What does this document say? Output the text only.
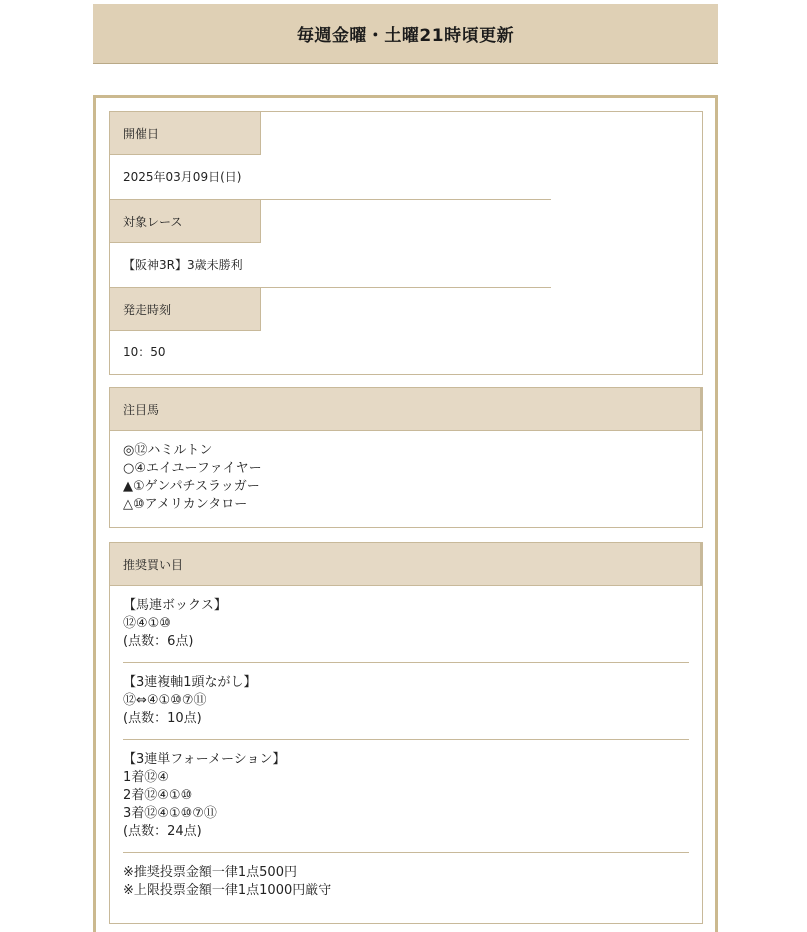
毎週金曜・土曜21時頃更新
開催日
2025年03月09日(日)
対象レース
【阪神3R】3歳未勝利
発走時刻
10：50
注目馬
◎⑫ハミルトン
○④エイユーファイヤー
▲①ゲンパチスラッガー
△⑩アメリカンタロー
推奨買い目
【馬連ボックス】
⑫④①⑩
(点数：6点)
【3連複軸1頭ながし】
⑫⇔④①⑩⑦⑪
(点数：10点)
【3連単フォーメーション】
1着⑫④
2着⑫④①⑩
3着⑫④①⑩⑦⑪
(点数：24点)
※推奨投票金額一律1点500円
※上限投票金額一律1点1000円厳守
